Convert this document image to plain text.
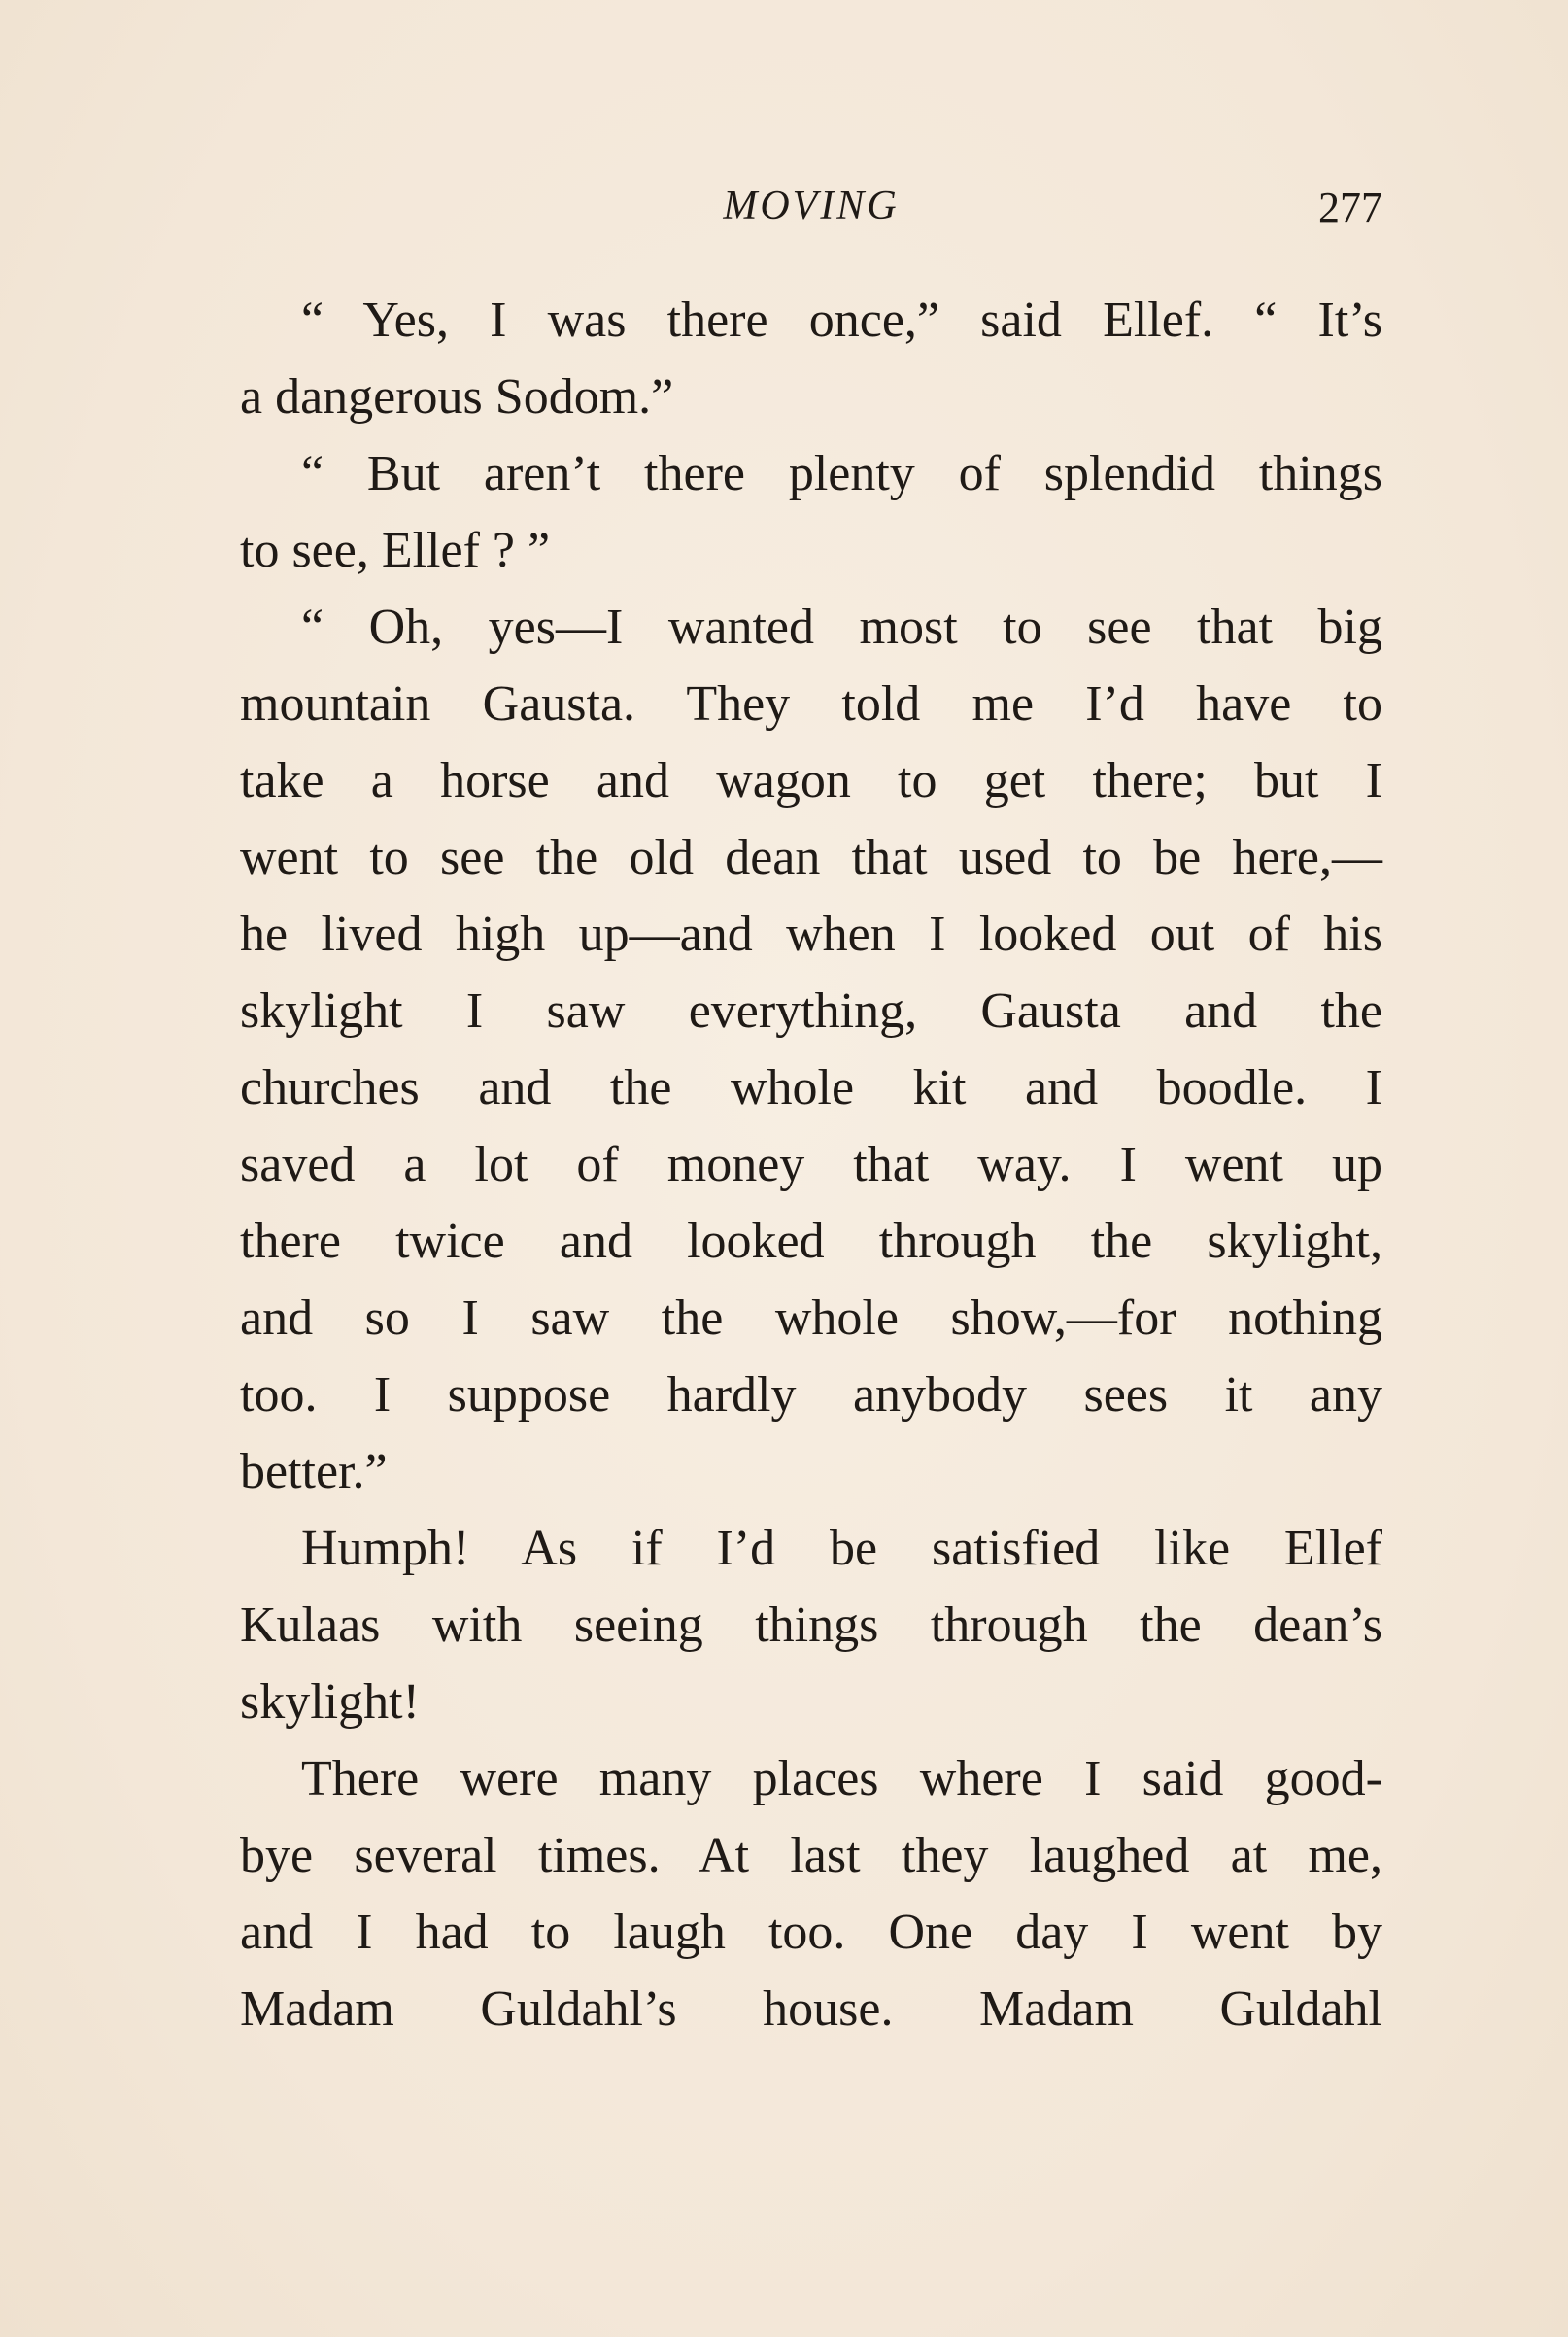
MOVING	277
“ Yes, I was there once,” said Ellef. “ It’s
a dangerous Sodom.”
“ But aren’t there plenty of splendid things
to see, Ellef ? ”
“ Oh, yes—I wanted most to see that big
mountain Gausta. They told me I’d have to
take a horse and wagon to get there; but I
went to see the old dean that used to be here,—
he lived high up—and when I looked out of his
skylight I saw everything, Gausta and the
churches and the whole kit and boodle. I
saved a lot of money that way. I went up
there twice and looked through the skylight,
and so I saw the whole show,—for nothing
too. I suppose hardly anybody sees it any
better.”
Humph! As if I’d be satisfied like Ellef
Kulaas with seeing things through the dean’s
skylight!
There were many places where I said good-
bye several times. At last they laughed at me,
and I had to laugh too. One day I went by
Madam Guldahl’s house. Madam Guldahl
